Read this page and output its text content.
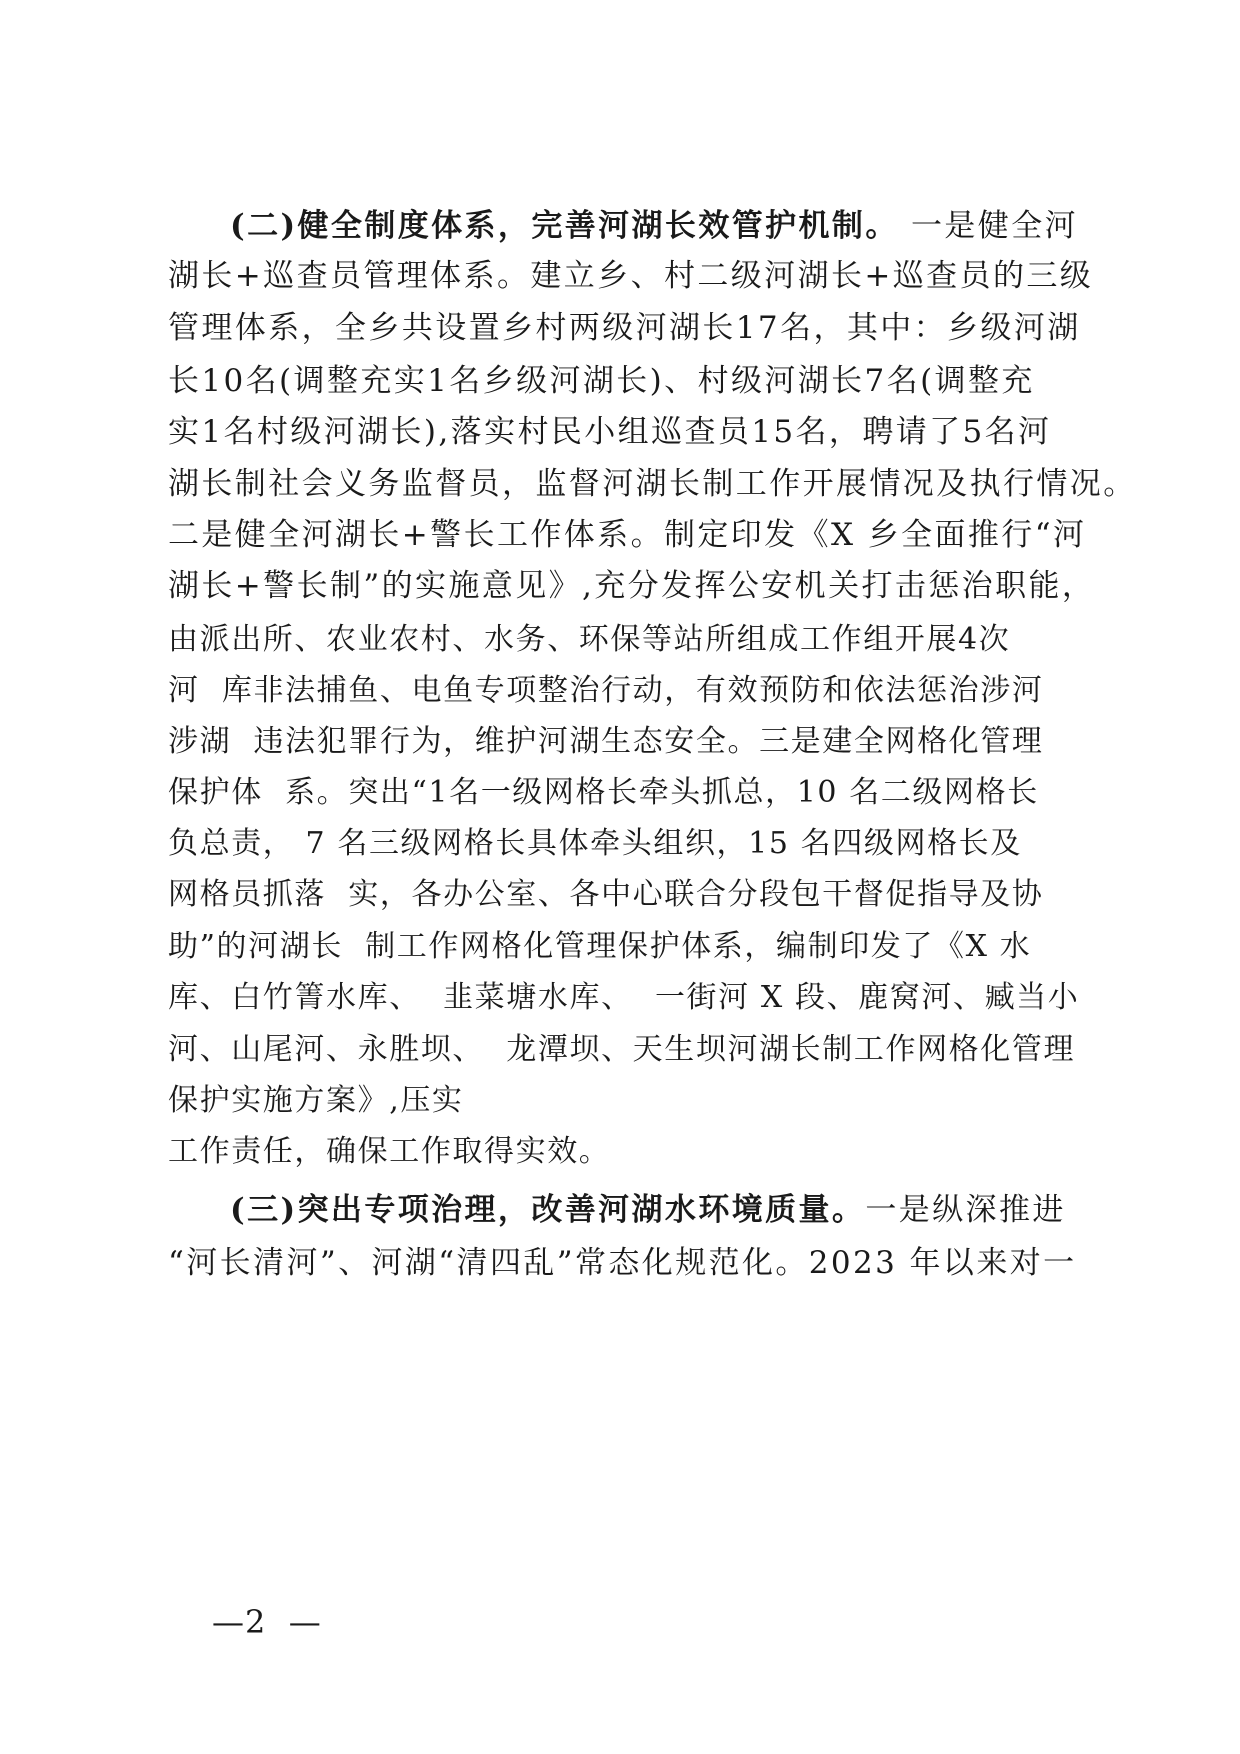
(二)健全制度体系，完善河湖长效管护机制。 一是健全河
湖长+巡查员管理体系。建立乡、村二级河湖长+巡查员的三级
管理体系，全乡共设置乡村两级河湖长17名，其中：乡级河湖
长10名(调整充实1名乡级河湖长)、村级河湖长7名(调整充
实1名村级河湖长),落实村民小组巡查员15名，聘请了5名河
湖长制社会义务监督员，监督河湖长制工作开展情况及执行情况。
二是健全河湖长+警长工作体系。制定印发《X 乡全面推行“河
湖长+警长制”的实施意见》,充分发挥公安机关打击惩治职能，
由派出所、农业农村、水务、环保等站所组成工作组开展4次
河  库非法捕鱼、电鱼专项整治行动，有效预防和依法惩治涉河
涉湖  违法犯罪行为，维护河湖生态安全。三是建全网格化管理
保护体  系。突出“1名一级网格长牵头抓总，10 名二级网格长
负总责， 7 名三级网格长具体牵头组织，15 名四级网格长及
网格员抓落  实，各办公室、各中心联合分段包干督促指导及协
助”的河湖长  制工作网格化管理保护体系，编制印发了《X 水
库、白竹箐水库、  韭菜塘水库、  一街河 X 段、鹿窝河、臧当小
河、山尾河、永胜坝、  龙潭坝、天生坝河湖长制工作网格化管理
保护实施方案》,压实
工作责任，确保工作取得实效。
(三)突出专项治理，改善河湖水环境质量。一是纵深推进
“河长清河”、河湖“清四乱”常态化规范化。2023 年以来对一
—2  —
